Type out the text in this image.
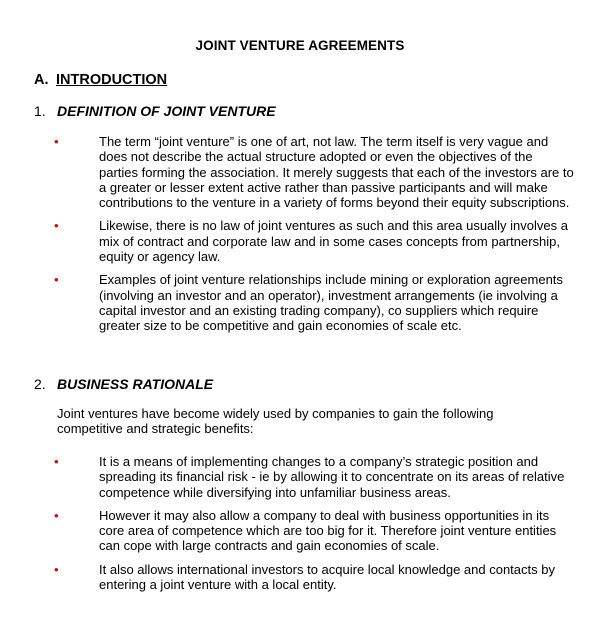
JOINT VENTURE AGREEMENTS
A. INTRODUCTION
1. DEFINITION OF JOINT VENTURE
•	The term “joint venture” is one of art, not law. The term itself is very vague and does not describe the actual structure adopted or even the objectives of the parties forming the association. It merely suggests that each of the investors are to a greater or lesser extent active rather than passive participants and will make contributions to the venture in a variety of forms beyond their equity subscriptions.
•	Likewise, there is no law of joint ventures as such and this area usually involves a mix of contract and corporate law and in some cases concepts from partnership, equity or agency law.
•	Examples of joint venture relationships include mining or exploration agreements (involving an investor and an operator), investment arrangements (ie involving a capital investor and an existing trading company), co suppliers which require greater size to be competitive and gain economies of scale etc.
2. BUSINESS RATIONALE
Joint ventures have become widely used by companies to gain the following competitive and strategic benefits:
•	It is a means of implementing changes to a company’s strategic position and spreading its financial risk - ie by allowing it to concentrate on its areas of relative competence while diversifying into unfamiliar business areas.
•	However it may also allow a company to deal with business opportunities in its core area of competence which are too big for it. Therefore joint venture entities can cope with large contracts and gain economies of scale.
•	It also allows international investors to acquire local knowledge and contacts by entering a joint venture with a local entity.
